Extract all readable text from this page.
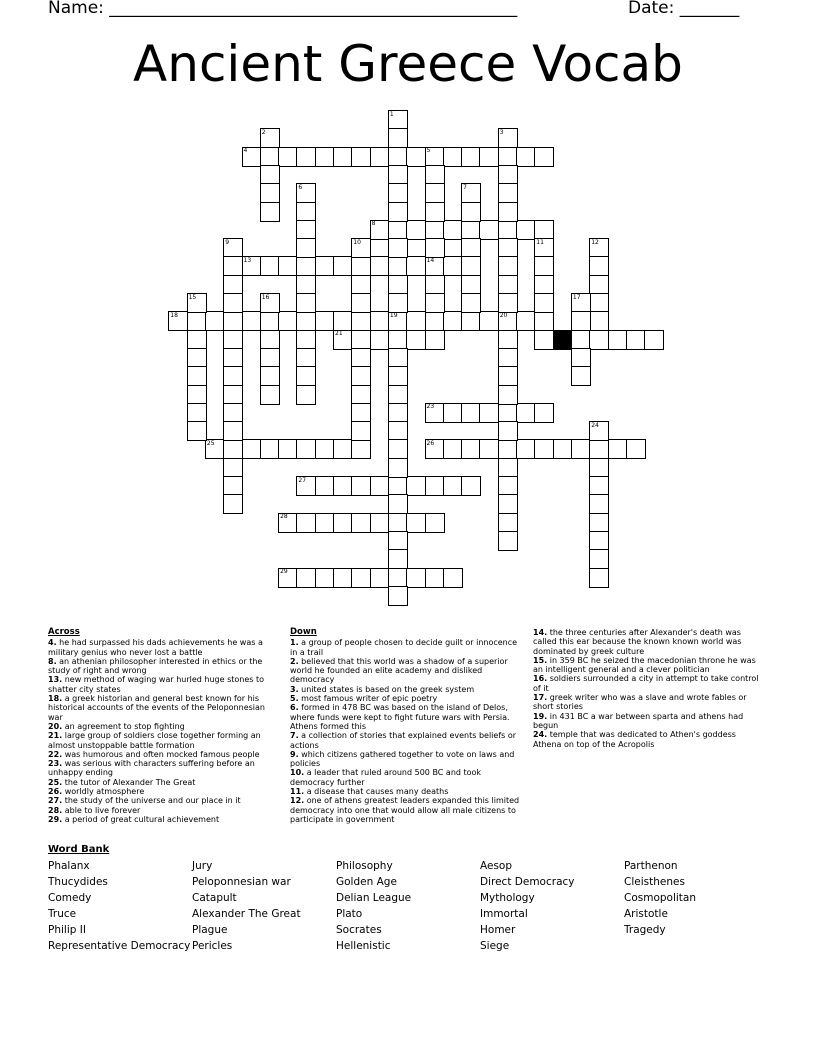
Name: ________________________________________________	Date: _______
Ancient Greece Vocab
1
2	3
4	5
6	7
8
9	10	11	12
13	14
15	16	17
18	19	20
21	22
23
24
25	26
27
28
29
Across
4. he had surpassed his dads achievements he was a military genius who never lost a battle
8. an athenian philosopher interested in ethics or the study of right and wrong
13. new method of waging war hurled huge stones to shatter city states
18. a greek historian and general best known for his historical accounts of the events of the Peloponnesian war
20. an agreement to stop fighting
21. large group of soldiers close together forming an almost unstoppable battle formation
22. was humorous and often mocked famous people
23. was serious with characters suffering before an unhappy ending
25. the tutor of Alexander The Great
26. worldly atmosphere
27. the study of the universe and our place in it
28. able to live forever
29. a period of great cultural achievement
Down
1. a group of people chosen to decide guilt or innocence in a trail
2. believed that this world was a shadow of a superior world he founded an elite academy and disliked democracy
3. united states is based on the greek system
5. most famous writer of epic poetry
6. formed in 478 BC was based on the island of Delos, where funds were kept to fight future wars with Persia. Athens formed this
7. a collection of stories that explained events beliefs or actions
9. which citizens gathered together to vote on laws and policies
10. a leader that ruled around 500 BC and took democracy further
11. a disease that causes many deaths
12. one of athens greatest leaders expanded this limited democracy into one that would allow all male citizens to participate in government
14. the three centuries after Alexander's death was called this ear because the known known world was dominated by greek culture
15. in 359 BC he seized the macedonian throne he was an intelligent general and a clever politician
16. soldiers surrounded a city in attempt to take control of it
17. greek writer who was a slave and wrote fables or short stories
19. in 431 BC a war between sparta and athens had begun
24. temple that was dedicated to Athen's goddess Athena on top of the Acropolis
Word Bank
Phalanx
Thucydides
Comedy
Truce
Philip II
Representative Democracy
Jury
Peloponnesian war
Catapult
Alexander The Great
Plague
Pericles
Philosophy
Golden Age
Delian League
Plato
Socrates
Hellenistic
Aesop
Direct Democracy
Mythology
Immortal
Homer
Siege
Parthenon
Cleisthenes
Cosmopolitan
Aristotle
Tragedy
